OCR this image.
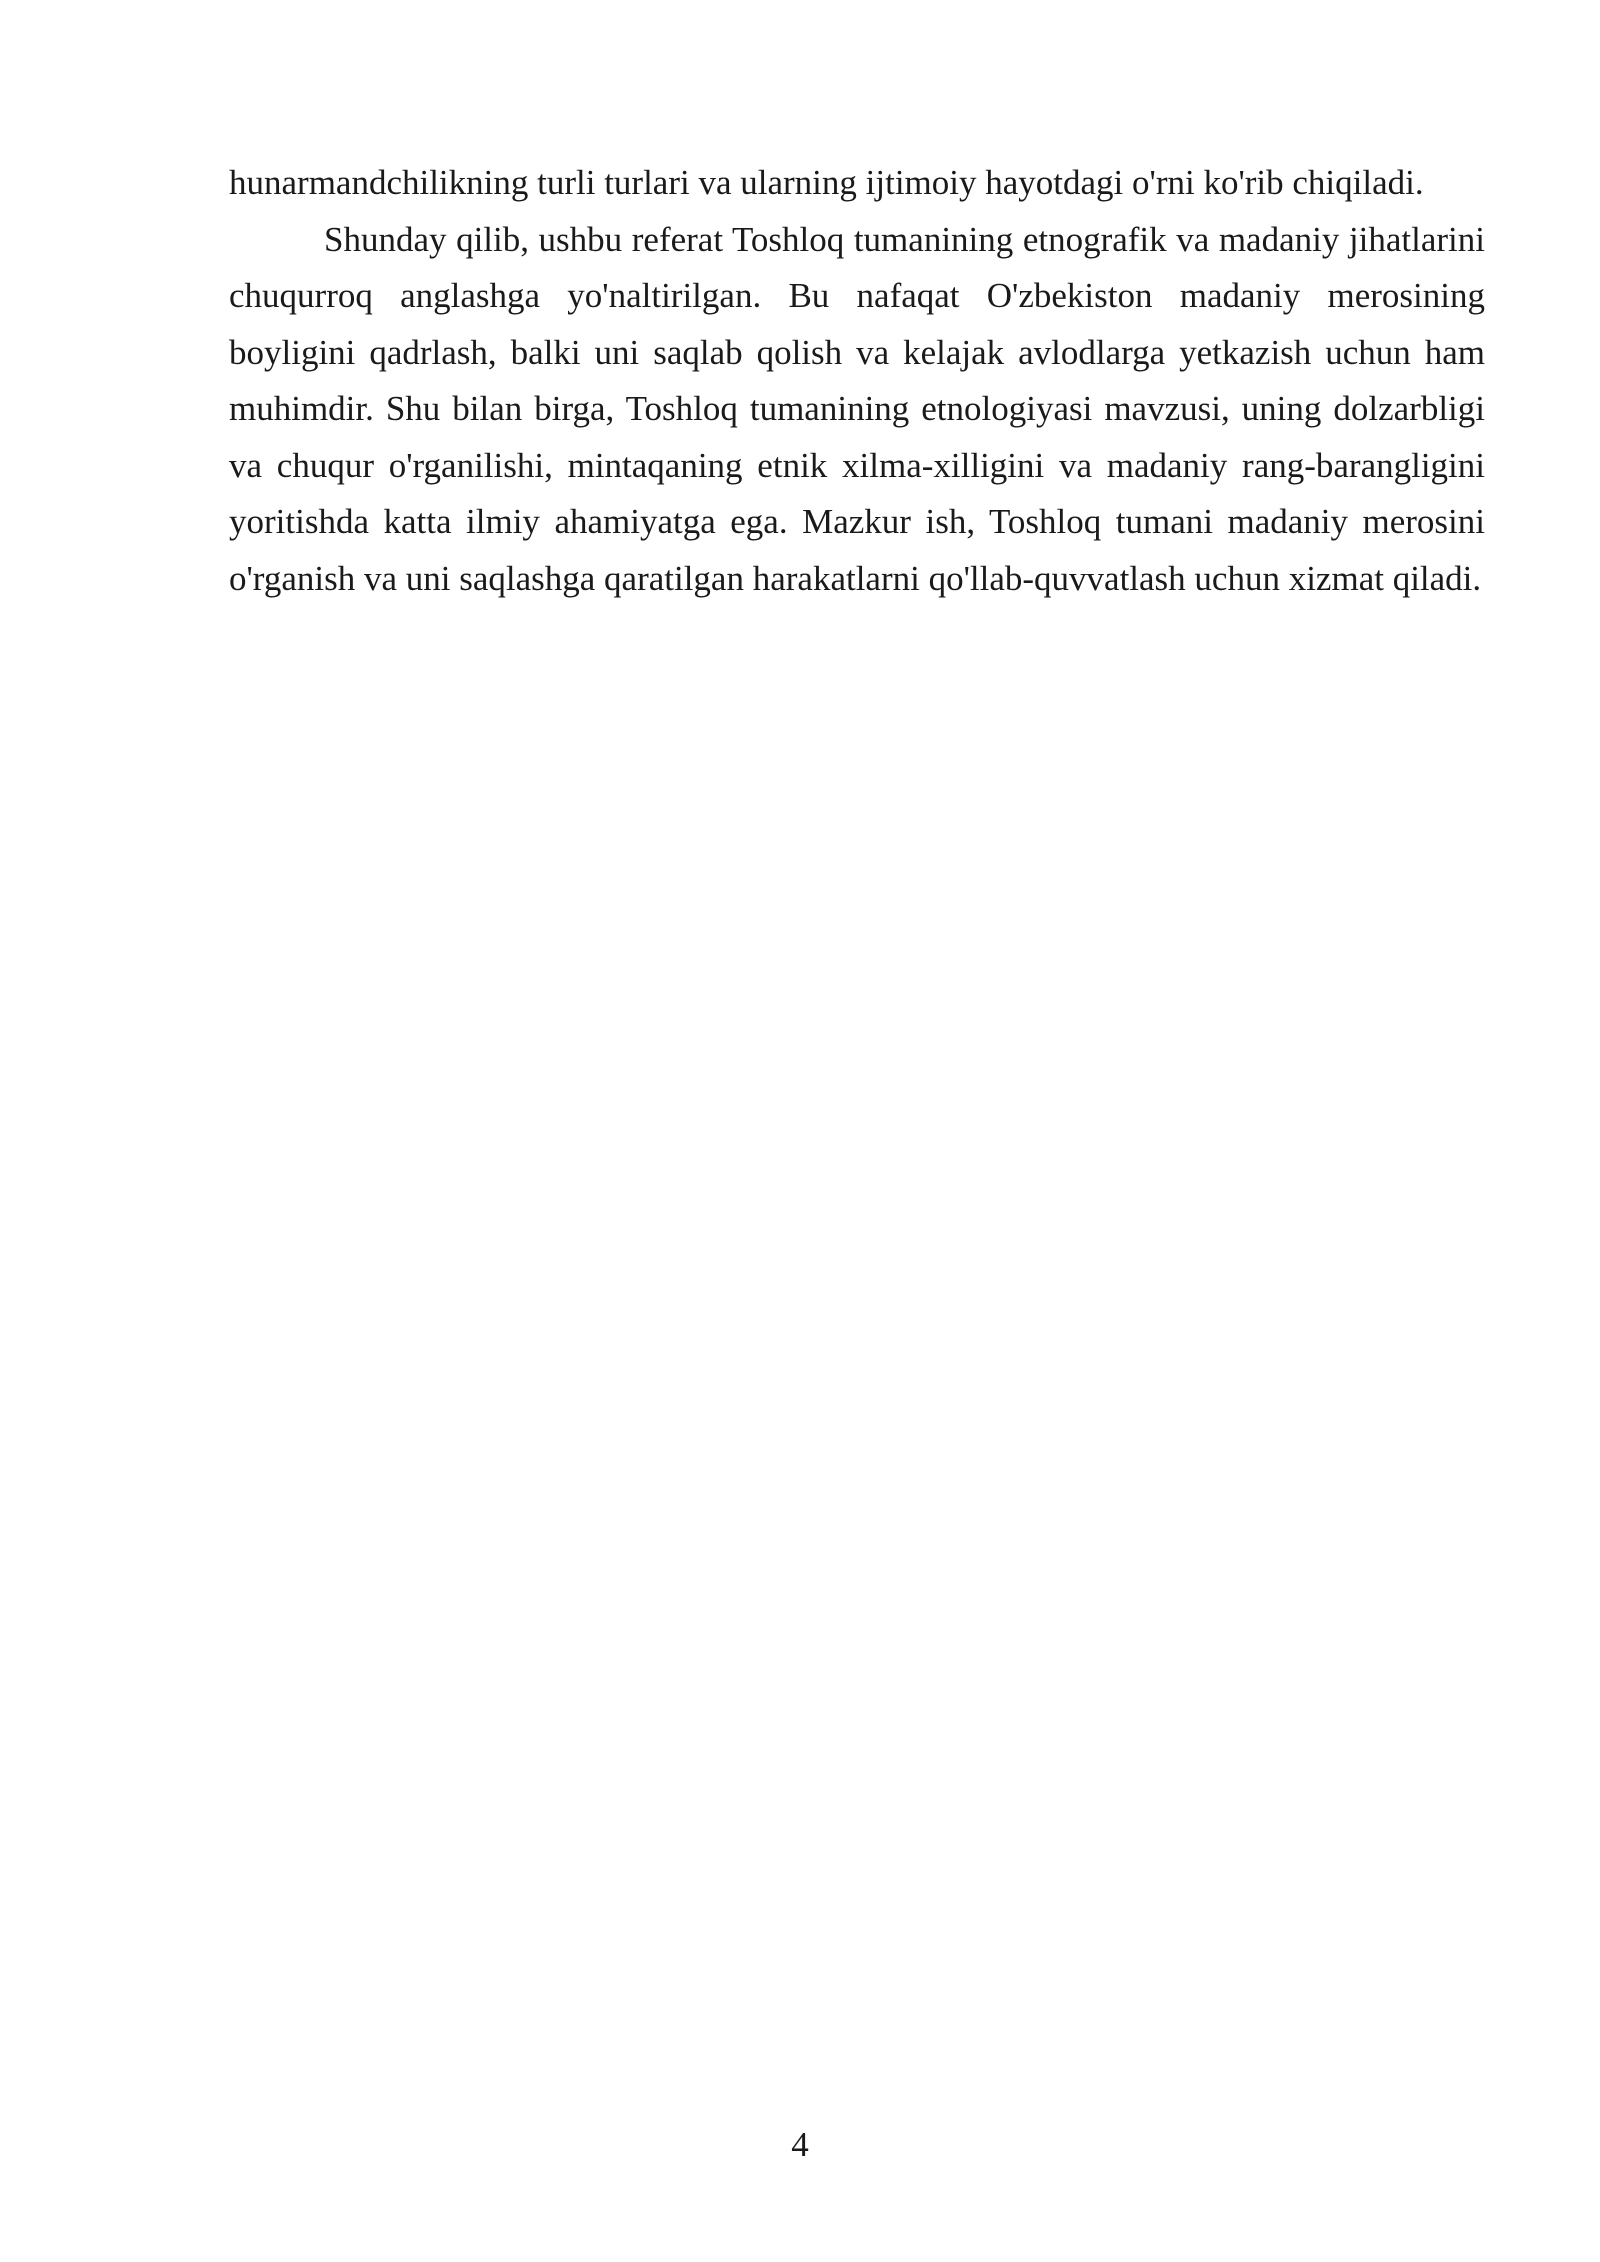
hunarmandchilikning turli turlari va ularning ijtimoiy hayotdagi o'rni ko'rib chiqiladi.

Shunday qilib, ushbu referat Toshloq tumanining etnografik va madaniy jihatlarini chuqurroq anglashga yo'naltirilgan. Bu nafaqat O'zbekiston madaniy merosining boyligini qadrlash, balki uni saqlab qolish va kelajak avlodlarga yetkazish uchun ham muhimdir. Shu bilan birga, Toshloq tumanining etnologiyasi mavzusi, uning dolzarbligi va chuqur o'rganilishi, mintaqaning etnik xilma-xilligini va madaniy rang-barangligini yoritishda katta ilmiy ahamiyatga ega. Mazkur ish, Toshloq tumani madaniy merosini o'rganish va uni saqlashga qaratilgan harakatlarni qo'llab-quvvatlash uchun xizmat qiladi.

4
